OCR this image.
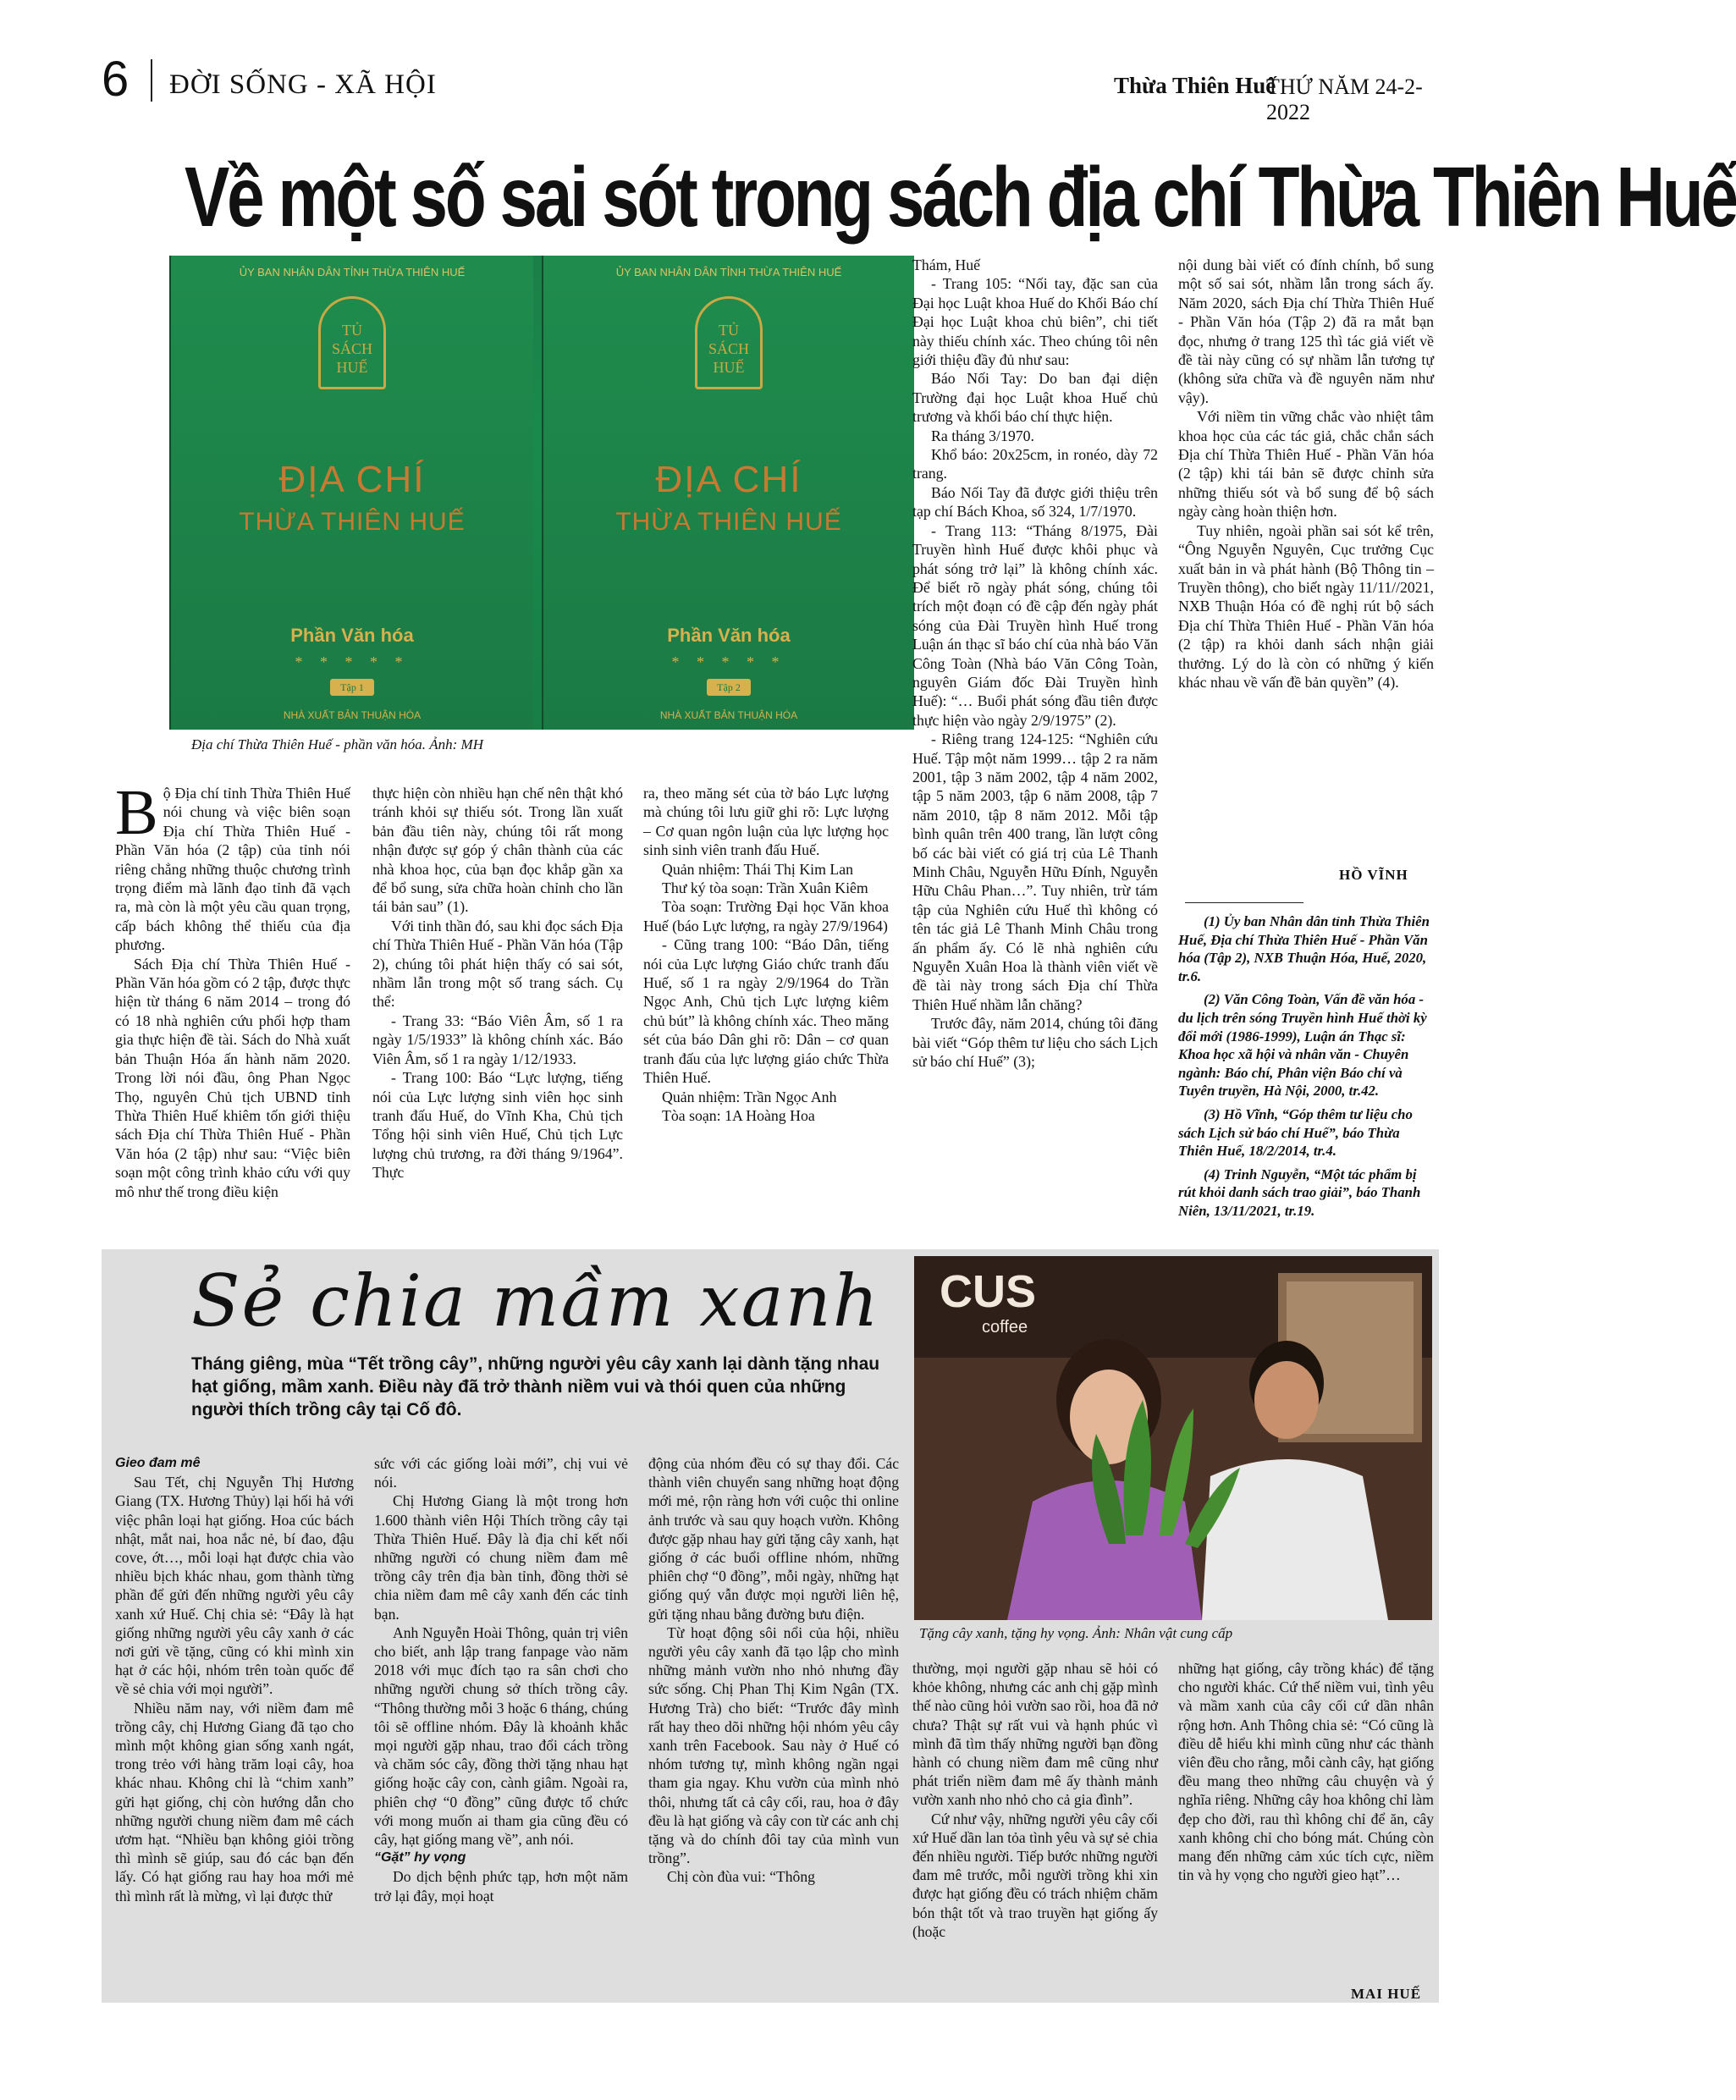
6 ĐỜI SỐNG - XÃ HỘI	Thừa Thiên Huế
THỨ NĂM 24-2-2022
Về một số sai sót trong sách địa chí Thừa Thiên Huế
ỦY BAN NHÂN DÂN TỈNH THỪA THIÊN HUẾ
TỦ SÁCH HUẾ
ĐỊA CHÍ
THỪA THIÊN HUẾ
Phần Văn hóa
* * * * *
Tập 1
NHÀ XUẤT BẢN THUẬN HÓA
ỦY BAN NHÂN DÂN TỈNH THỪA THIÊN HUẾ
TỦ SÁCH HUẾ
ĐỊA CHÍ
THỪA THIÊN HUẾ
Phần Văn hóa
* * * * *
Tập 2
NHÀ XUẤT BẢN THUẬN HÓA
Địa chí Thừa Thiên Huế - phần văn hóa. Ảnh: MH

Bộ Địa chí tỉnh Thừa Thiên Huế nói chung và việc biên soạn Địa chí Thừa Thiên Huế - Phần Văn hóa (2 tập) của tỉnh nói riêng chẳng những thuộc chương trình trọng điểm mà lãnh đạo tỉnh đã vạch ra, mà còn là một yêu cầu quan trọng, cấp bách không thể thiếu của địa phương.

Sách Địa chí Thừa Thiên Huế - Phần Văn hóa gồm có 2 tập, được thực hiện từ tháng 6 năm 2014 – trong đó có 18 nhà nghiên cứu phối hợp tham gia thực hiện đề tài. Sách do Nhà xuất bản Thuận Hóa ấn hành năm 2020. Trong lời nói đầu, ông Phan Ngọc Thọ, nguyên Chủ tịch UBND tỉnh Thừa Thiên Huế khiêm tốn giới thiệu sách Địa chí Thừa Thiên Huế - Phần Văn hóa (2 tập) như sau: “Việc biên soạn một công trình khảo cứu với quy mô như thế trong điều kiện

thực hiện còn nhiều hạn chế nên thật khó tránh khỏi sự thiếu sót. Trong lần xuất bản đầu tiên này, chúng tôi rất mong nhận được sự góp ý chân thành của các nhà khoa học, của bạn đọc khắp gần xa để bổ sung, sửa chữa hoàn chỉnh cho lần tái bản sau” (1).

Với tinh thần đó, sau khi đọc sách Địa chí Thừa Thiên Huế - Phần Văn hóa (Tập 2), chúng tôi phát hiện thấy có sai sót, nhầm lẫn trong một số trang sách. Cụ thể:

- Trang 33: “Báo Viên Âm, số 1 ra ngày 1/5/1933” là không chính xác. Báo Viên Âm, số 1 ra ngày 1/12/1933.

- Trang 100: Báo “Lực lượng, tiếng nói của Lực lượng sinh viên học sinh tranh đấu Huế, do Vĩnh Kha, Chủ tịch Tổng hội sinh viên Huế, Chủ tịch Lực lượng chủ trương, ra đời tháng 9/1964”. Thực

ra, theo măng sét của tờ báo Lực lượng mà chúng tôi lưu giữ ghi rõ: Lực lượng – Cơ quan ngôn luận của lực lượng học sinh sinh viên tranh đấu Huế.

Quản nhiệm: Thái Thị Kim Lan

Thư ký tòa soạn: Trần Xuân Kiêm

Tòa soạn: Trường Đại học Văn khoa Huế (báo Lực lượng, ra ngày 27/9/1964)

- Cũng trang 100: “Báo Dân, tiếng nói của Lực lượng Giáo chức tranh đấu Huế, số 1 ra ngày 2/9/1964 do Trần Ngọc Anh, Chủ tịch Lực lượng kiêm chủ bút” là không chính xác. Theo măng sét của báo Dân ghi rõ: Dân – cơ quan tranh đấu của lực lượng giáo chức Thừa Thiên Huế.

Quản nhiệm: Trần Ngọc Anh

Tòa soạn: 1A Hoàng Hoa

Thám, Huế

- Trang 105: “Nối tay, đặc san của Đại học Luật khoa Huế do Khối Báo chí Đại học Luật khoa chủ biên”, chi tiết này thiếu chính xác. Theo chúng tôi nên giới thiệu đầy đủ như sau:

Báo Nối Tay: Do ban đại diện Trường đại học Luật khoa Huế chủ trương và khối báo chí thực hiện.

Ra tháng 3/1970.

Khổ báo: 20x25cm, in ronéo, dày 72 trang.

Báo Nối Tay đã được giới thiệu trên tạp chí Bách Khoa, số 324, 1/7/1970.

- Trang 113: “Tháng 8/1975, Đài Truyền hình Huế được khôi phục và phát sóng trở lại” là không chính xác. Để biết rõ ngày phát sóng, chúng tôi trích một đoạn có đề cập đến ngày phát sóng của Đài Truyền hình Huế trong Luận án thạc sĩ báo chí của nhà báo Văn Công Toàn (Nhà báo Văn Công Toàn, nguyên Giám đốc Đài Truyền hình Huế): “… Buổi phát sóng đầu tiên được thực hiện vào ngày 2/9/1975” (2).

- Riêng trang 124-125: “Nghiên cứu Huế. Tập một năm 1999… tập 2 ra năm 2001, tập 3 năm 2002, tập 4 năm 2002, tập 5 năm 2003, tập 6 năm 2008, tập 7 năm 2010, tập 8 năm 2012. Mỗi tập bình quân trên 400 trang, lần lượt công bố các bài viết có giá trị của Lê Thanh Minh Châu, Nguyễn Hữu Đính, Nguyễn Hữu Châu Phan…”. Tuy nhiên, trừ tám tập của Nghiên cứu Huế thì không có tên tác giả Lê Thanh Minh Châu trong ấn phẩm ấy. Có lẽ nhà nghiên cứu Nguyễn Xuân Hoa là thành viên viết về đề tài này trong sách Địa chí Thừa Thiên Huế nhầm lẫn chăng?

Trước đây, năm 2014, chúng tôi đăng bài viết “Góp thêm tư liệu cho sách Lịch sử báo chí Huế” (3);

nội dung bài viết có đính chính, bổ sung một số sai sót, nhầm lẫn trong sách ấy. Năm 2020, sách Địa chí Thừa Thiên Huế - Phần Văn hóa (Tập 2) đã ra mắt bạn đọc, nhưng ở trang 125 thì tác giả viết về đề tài này cũng có sự nhầm lẫn tương tự (không sửa chữa và đề nguyên năm như vậy).

Với niềm tin vững chắc vào nhiệt tâm khoa học của các tác giả, chắc chắn sách Địa chí Thừa Thiên Huế - Phần Văn hóa (2 tập) khi tái bản sẽ được chỉnh sửa những thiếu sót và bổ sung để bộ sách ngày càng hoàn thiện hơn.

Tuy nhiên, ngoài phần sai sót kể trên, “Ông Nguyễn Nguyên, Cục trưởng Cục xuất bản in và phát hành (Bộ Thông tin – Truyền thông), cho biết ngày 11/11//2021, NXB Thuận Hóa có đề nghị rút bộ sách Địa chí Thừa Thiên Huế - Phần Văn hóa (2 tập) ra khỏi danh sách nhận giải thưởng. Lý do là còn có những ý kiến khác nhau về vấn đề bản quyền” (4).

HỒ VĨNH

(1) Ủy ban Nhân dân tỉnh Thừa Thiên Huế, Địa chí Thừa Thiên Huế - Phần Văn hóa (Tập 2), NXB Thuận Hóa, Huế, 2020, tr.6.

(2) Văn Công Toàn, Vấn đề văn hóa - du lịch trên sóng Truyền hình Huế thời kỳ đổi mới (1986-1999), Luận án Thạc sĩ: Khoa học xã hội và nhân văn - Chuyên ngành: Báo chí, Phân viện Báo chí và Tuyên truyền, Hà Nội, 2000, tr.42.

(3) Hồ Vĩnh, “Góp thêm tư liệu cho sách Lịch sử báo chí Huế”, báo Thừa Thiên Huế, 18/2/2014, tr.4.

(4) Trinh Nguyễn, “Một tác phẩm bị rút khỏi danh sách trao giải”, báo Thanh Niên, 13/11/2021, tr.19.

Sẻ chia mầm xanh
Tháng giêng, mùa “Tết trồng cây”, những người yêu cây xanh lại dành tặng nhau hạt giống, mầm xanh. Điều này đã trở thành niềm vui và thói quen của những người thích trồng cây tại Cố đô.
CUS
coffee
Tặng cây xanh, tặng hy vọng. Ảnh: Nhân vật cung cấp

Gieo đam mê

Sau Tết, chị Nguyễn Thị Hương Giang (TX. Hương Thủy) lại hối hả với việc phân loại hạt giống. Hoa cúc bách nhật, mắt nai, hoa nắc nẻ, bí đao, đậu cove, ớt…, mỗi loại hạt được chia vào nhiều bịch khác nhau, gom thành từng phần để gửi đến những người yêu cây xanh xứ Huế. Chị chia sẻ: “Đây là hạt giống những người yêu cây xanh ở các nơi gửi về tặng, cũng có khi mình xin hạt ở các hội, nhóm trên toàn quốc để về sẻ chia với mọi người”.

Nhiều năm nay, với niềm đam mê trồng cây, chị Hương Giang đã tạo cho mình một không gian sống xanh ngát, trong trẻo với hàng trăm loại cây, hoa khác nhau. Không chỉ là “chim xanh” gửi hạt giống, chị còn hướng dẫn cho những người chung niềm đam mê cách ươm hạt. “Nhiều bạn không giỏi trồng thì mình sẽ giúp, sau đó các bạn đến lấy. Có hạt giống rau hay hoa mới mẻ thì mình rất là mừng, vì lại được thử

sức với các giống loài mới”, chị vui vẻ nói.

Chị Hương Giang là một trong hơn 1.600 thành viên Hội Thích trồng cây tại Thừa Thiên Huế. Đây là địa chỉ kết nối những người có chung niềm đam mê trồng cây trên địa bàn tỉnh, đồng thời sẻ chia niềm đam mê cây xanh đến các tỉnh bạn.

Anh Nguyễn Hoài Thông, quản trị viên cho biết, anh lập trang fanpage vào năm 2018 với mục đích tạo ra sân chơi cho những người chung sở thích trồng cây. “Thông thường mỗi 3 hoặc 6 tháng, chúng tôi sẽ offline nhóm. Đây là khoảnh khắc mọi người gặp nhau, trao đổi cách trồng và chăm sóc cây, đồng thời tặng nhau hạt giống hoặc cây con, cành giâm. Ngoài ra, phiên chợ “0 đồng” cũng được tổ chức với mong muốn ai tham gia cũng đều có cây, hạt giống mang về”, anh nói.

“Gặt” hy vọng

Do dịch bệnh phức tạp, hơn một năm trở lại đây, mọi hoạt

động của nhóm đều có sự thay đổi. Các thành viên chuyển sang những hoạt động mới mẻ, rộn ràng hơn với cuộc thi online ảnh trước và sau quy hoạch vườn. Không được gặp nhau hay gửi tặng cây xanh, hạt giống ở các buổi offline nhóm, những phiên chợ “0 đồng”, mỗi ngày, những hạt giống quý vẫn được mọi người liên hệ, gửi tặng nhau bằng đường bưu điện.

Từ hoạt động sôi nổi của hội, nhiều người yêu cây xanh đã tạo lập cho mình những mảnh vườn nho nhỏ nhưng đầy sức sống. Chị Phan Thị Kim Ngân (TX. Hương Trà) cho biết: “Trước đây mình rất hay theo dõi những hội nhóm yêu cây xanh trên Facebook. Sau này ở Huế có nhóm tương tự, mình không ngần ngại tham gia ngay. Khu vườn của mình nhỏ thôi, nhưng tất cả cây cối, rau, hoa ở đây đều là hạt giống và cây con từ các anh chị tặng và do chính đôi tay của mình vun trồng”.

Chị còn đùa vui: “Thông

thường, mọi người gặp nhau sẽ hỏi có khỏe không, nhưng các anh chị gặp mình thế nào cũng hỏi vườn sao rồi, hoa đã nở chưa? Thật sự rất vui và hạnh phúc vì mình đã tìm thấy những người bạn đồng hành có chung niềm đam mê cũng như phát triển niềm đam mê ấy thành mảnh vườn xanh nho nhỏ cho cả gia đình”.

Cứ như vậy, những người yêu cây cối xứ Huế dần lan tỏa tình yêu và sự sẻ chia đến nhiều người. Tiếp bước những người đam mê trước, mỗi người trồng khi xin được hạt giống đều có trách nhiệm chăm bón thật tốt và trao truyền hạt giống ấy (hoặc

những hạt giống, cây trồng khác) để tặng cho người khác. Cứ thế niềm vui, tình yêu và mầm xanh của cây cối cứ dần nhân rộng hơn. Anh Thông chia sẻ: “Có cũng là điều dễ hiểu khi mình cũng như các thành viên đều cho rằng, mỗi cành cây, hạt giống đều mang theo những câu chuyện và ý nghĩa riêng. Những cây hoa không chỉ làm đẹp cho đời, rau thì không chỉ để ăn, cây xanh không chỉ cho bóng mát. Chúng còn mang đến những cảm xúc tích cực, niềm tin và hy vọng cho người gieo hạt”…

MAI HUẾ
